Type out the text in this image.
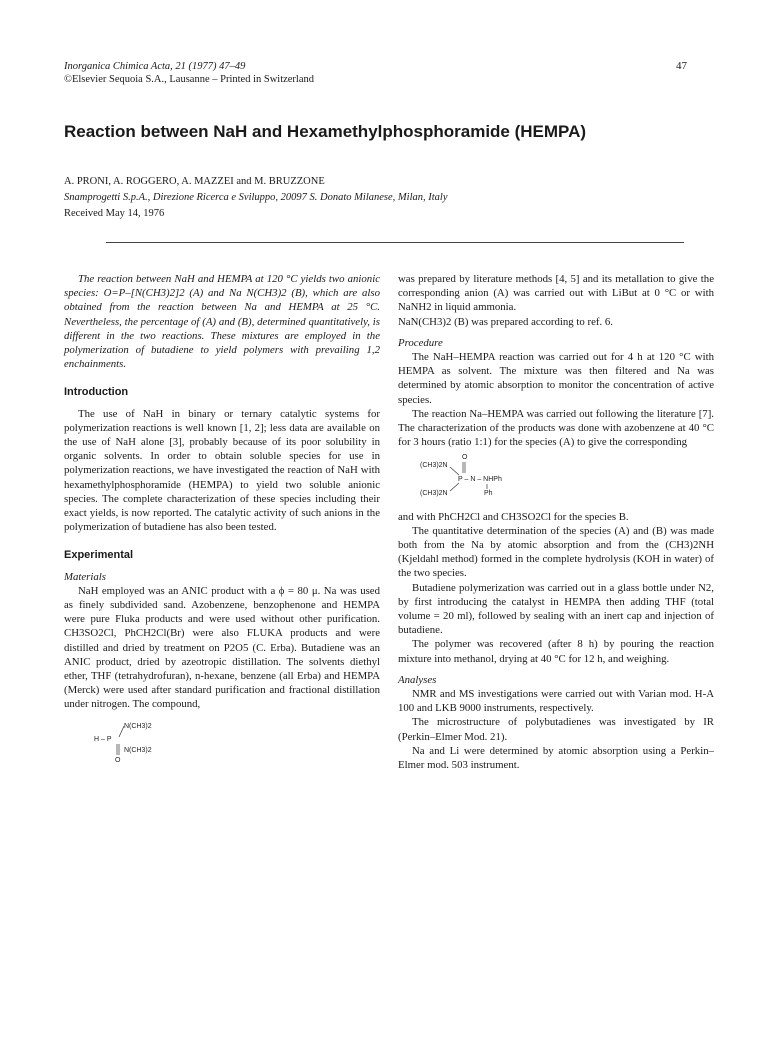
Inorganica Chimica Acta, 21 (1977) 47–49
©Elsevier Sequoia S.A., Lausanne – Printed in Switzerland
47
Reaction between NaH and Hexamethylphosphoramide (HEMPA)
A. PRONI, A. ROGGERO, A. MAZZEI and M. BRUZZONE
Snamprogetti S.p.A., Direzione Ricerca e Sviluppo, 20097 S. Donato Milanese, Milan, Italy
Received May 14, 1976

The reaction between NaH and HEMPA at 120 °C yields two anionic species: O=P–[N(CH3)2]2 (A) and Na N(CH3)2 (B), which are also obtained from the reaction between Na and HEMPA at 25 °C. Nevertheless, the percentage of (A) and (B), determined quantitatively, is different in the two reactions. These mixtures are employed in the polymerization of butadiene to yield polymers with prevailing 1,2 enchainments.

Introduction

The use of NaH in binary or ternary catalytic systems for polymerization reactions is well known [1, 2]; less data are available on the use of NaH alone [3], probably because of its poor solubility in organic solvents. In order to obtain soluble species for use in polymerization reactions, we have investigated the reaction of NaH with hexamethylphosphoramide (HEMPA) to yield two soluble anionic species. The complete characterization of these species including their exact yields, is now reported. The catalytic activity of such anions in the polymerization of butadiene has also been tested.

Experimental
Materials

NaH employed was an ANIC product with a ϕ = 80 μ. Na was used as finely subdivided sand. Azobenzene, benzophenone and HEMPA were pure Fluka products and were used without other purification. CH3SO2Cl, PhCH2Cl(Br) were also FLUKA products and were distilled and dried by treatment on P2O5 (C. Erba). Butadiene was an ANIC product, dried by azeotropic distillation. The solvents diethyl ether, THF (tetrahydrofuran), n-hexane, benzene (all Erba) and HEMPA (Merck) were used after standard purification and fractional distillation under nitrogen. The compound,

N(CH3)2
H – P
N(CH3)2
O

was prepared by literature methods [4, 5] and its metallation to give the corresponding anion (A) was carried out with LiBut at 0 °C or with NaNH2 in liquid ammonia.

NaN(CH3)2 (B) was prepared according to ref. 6.

Procedure

The NaH–HEMPA reaction was carried out for 4 h at 120 °C with HEMPA as solvent. The mixture was then filtered and Na was determined by atomic absorption to monitor the concentration of active species.

The reaction Na–HEMPA was carried out following the literature [7]. The characterization of the products was done with azobenzene at 40 °C for 3 hours (ratio 1:1) for the species (A) to give the corresponding

(CH3)2N
O
P – N – NHPh
(CH3)2N	Ph

and with PhCH2Cl and CH3SO2Cl for the species B.

The quantitative determination of the species (A) and (B) was made both from the Na by atomic absorption and from the (CH3)2NH (Kjeldahl method) formed in the complete hydrolysis (KOH in water) of the two species.

Butadiene polymerization was carried out in a glass bottle under N2, by first introducing the catalyst in HEMPA then adding THF (total volume = 20 ml), followed by sealing with an inert cap and injection of butadiene.

The polymer was recovered (after 8 h) by pouring the reaction mixture into methanol, drying at 40 °C for 12 h, and weighing.

Analyses

NMR and MS investigations were carried out with Varian mod. H-A 100 and LKB 9000 instruments, respectively.

The microstructure of polybutadienes was investigated by IR (Perkin–Elmer Mod. 21).

Na and Li were determined by atomic absorption using a Perkin–Elmer mod. 503 instrument.
